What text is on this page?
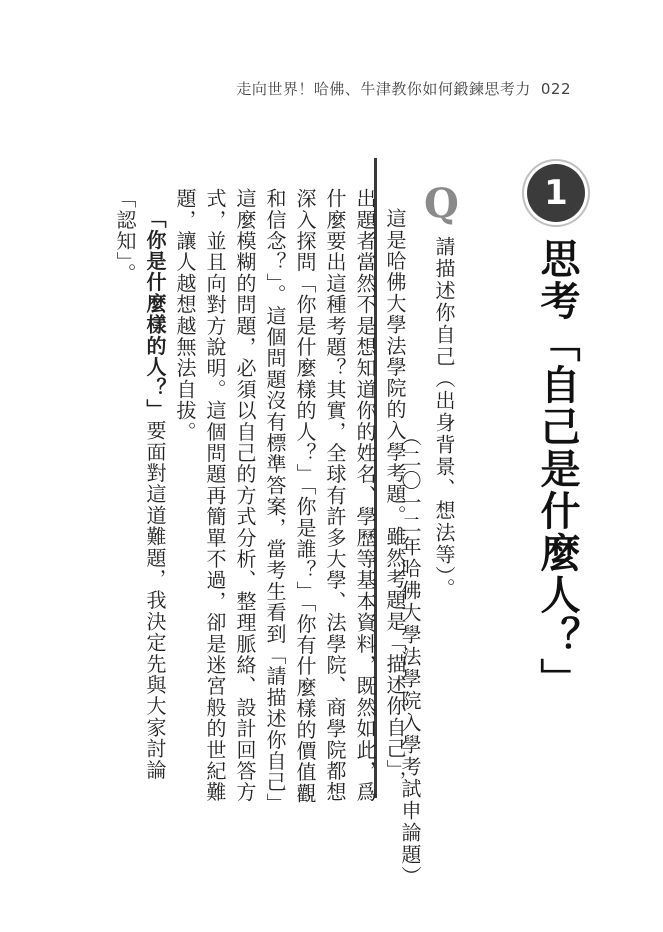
走向世界！哈佛、牛津教你如何鍛鍊思考力 022
1
思考「自己是什麼人？」
Q
請描述你自己（出身背景、想法等）。
（二〇一二年哈佛大學法學院入學考試申論題）

這是哈佛大學法學院的入學考題。雖然考題是「描述你自己」，出題者當然不是想知道你的姓名、學歷等基本資料，既然如此，爲什麼要出這種考題？其實，全球有許多大學、法學院、商學院都想深入探問「你是什麼樣的人？」「你是誰？」「你有什麼樣的價值觀和信念？」。這個問題沒有標準答案，當考生看到「請描述你自己」這麼模糊的問題，必須以自己的方式分析、整理脈絡、設計回答方式，並且向對方說明。這個問題再簡單不過，卻是迷宮般的世紀難題，讓人越想越無法自拔。

「你是什麼樣的人？」要面對這道難題，我決定先與大家討論「認知」。
